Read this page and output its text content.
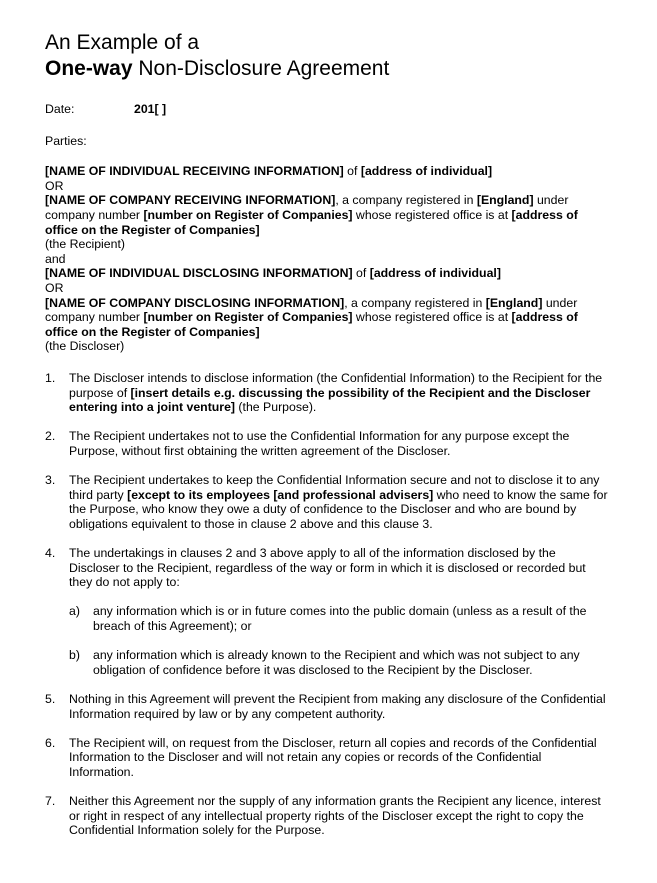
An Example of a
One-way Non-Disclosure Agreement
Date:	201[ ]
Parties:
[NAME OF INDIVIDUAL RECEIVING INFORMATION] of [address of individual]
OR
[NAME OF COMPANY RECEIVING INFORMATION], a company registered in [England] under company number [number on Register of Companies] whose registered office is at [address of office on the Register of Companies]
(the Recipient)
and
[NAME OF INDIVIDUAL DISCLOSING INFORMATION] of [address of individual]
OR
[NAME OF COMPANY DISCLOSING INFORMATION], a company registered in [England] under company number [number on Register of Companies] whose registered office is at [address of office on the Register of Companies]
(the Discloser)
1.	The Discloser intends to disclose information (the Confidential Information) to the Recipient for the purpose of [insert details e.g. discussing the possibility of the Recipient and the Discloser entering into a joint venture] (the Purpose).
2.	The Recipient undertakes not to use the Confidential Information for any purpose except the Purpose, without first obtaining the written agreement of the Discloser.
3.	The Recipient undertakes to keep the Confidential Information secure and not to disclose it to any third party [except to its employees [and professional advisers] who need to know the same for the Purpose, who know they owe a duty of confidence to the Discloser and who are bound by obligations equivalent to those in clause 2 above and this clause 3.
4.	The undertakings in clauses 2 and 3 above apply to all of the information disclosed by the Discloser to the Recipient, regardless of the way or form in which it is disclosed or recorded but they do not apply to:
a)	any information which is or in future comes into the public domain (unless as a result of the breach of this Agreement); or
b)	any information which is already known to the Recipient and which was not subject to any obligation of confidence before it was disclosed to the Recipient by the Discloser.
5.	Nothing in this Agreement will prevent the Recipient from making any disclosure of the Confidential Information required by law or by any competent authority.
6.	The Recipient will, on request from the Discloser, return all copies and records of the Confidential Information to the Discloser and will not retain any copies or records of the Confidential Information.
7.	Neither this Agreement nor the supply of any information grants the Recipient any licence, interest or right in respect of any intellectual property rights of the Discloser except the right to copy the Confidential Information solely for the Purpose.
